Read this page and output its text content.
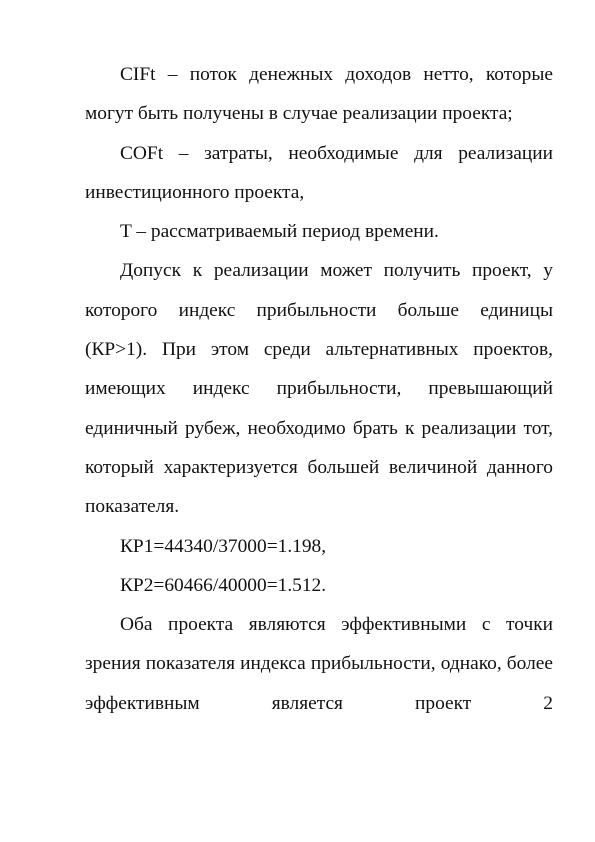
CIFt – поток денежных доходов нетто, которые могут быть получены в случае реализации проекта;

COFt – затраты, необходимые для реализации инвестиционного проекта,

T – рассматриваемый период времени.

Допуск к реализации может получить проект, у которого индекс прибыльности больше единицы (КР>1). При этом среди альтернативных проектов, имеющих индекс прибыльности, превышающий единичный рубеж, необходимо брать к реализации тот, который характеризуется большей величиной данного показателя.

КР1=44340/37000=1.198,

КР2=60466/40000=1.512.

Оба проекта являются эффективными с точки зрения показателя индекса прибыльности, однако, более эффективным является проект 2
